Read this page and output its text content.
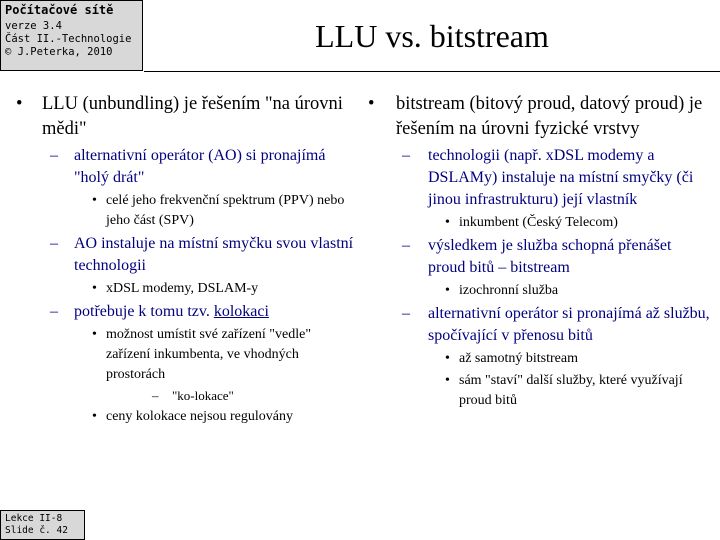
Počítačové sítě
verze 3.4
Část II.-Technologie
© J.Peterka, 2010	LLU vs. bitstream
• LLU (unbundling) je řešením "na úrovni mědi"
– alternativní operátor (AO) si pronajímá "holý drát"
• celé jeho frekvenční spektrum (PPV) nebo jeho část (SPV)
– AO instaluje na místní smyčku svou vlastní technologii
• xDSL modemy, DSLAM-y
– potřebuje k tomu tzv. kolokaci
• možnost umístit své zařízení "vedle" zařízení inkumbenta, ve vhodných prostorách
– "ko-lokace"
• ceny kolokace nejsou regulovány
• bitstream (bitový proud, datový proud) je řešením na úrovni fyzické vrstvy
– technologii (např. xDSL modemy a DSLAMy) instaluje na místní smyčky (či jinou infrastrukturu) její vlastník
• inkumbent (Český Telecom)
– výsledkem je služba schopná přenášet proud bitů – bitstream
• izochronní služba
– alternativní operátor si pronajímá až službu, spočívající v přenosu bitů
• až samotný bitstream
• sám "staví" další služby, které využívají proud bitů
Lekce II-8
Slide č. 42
